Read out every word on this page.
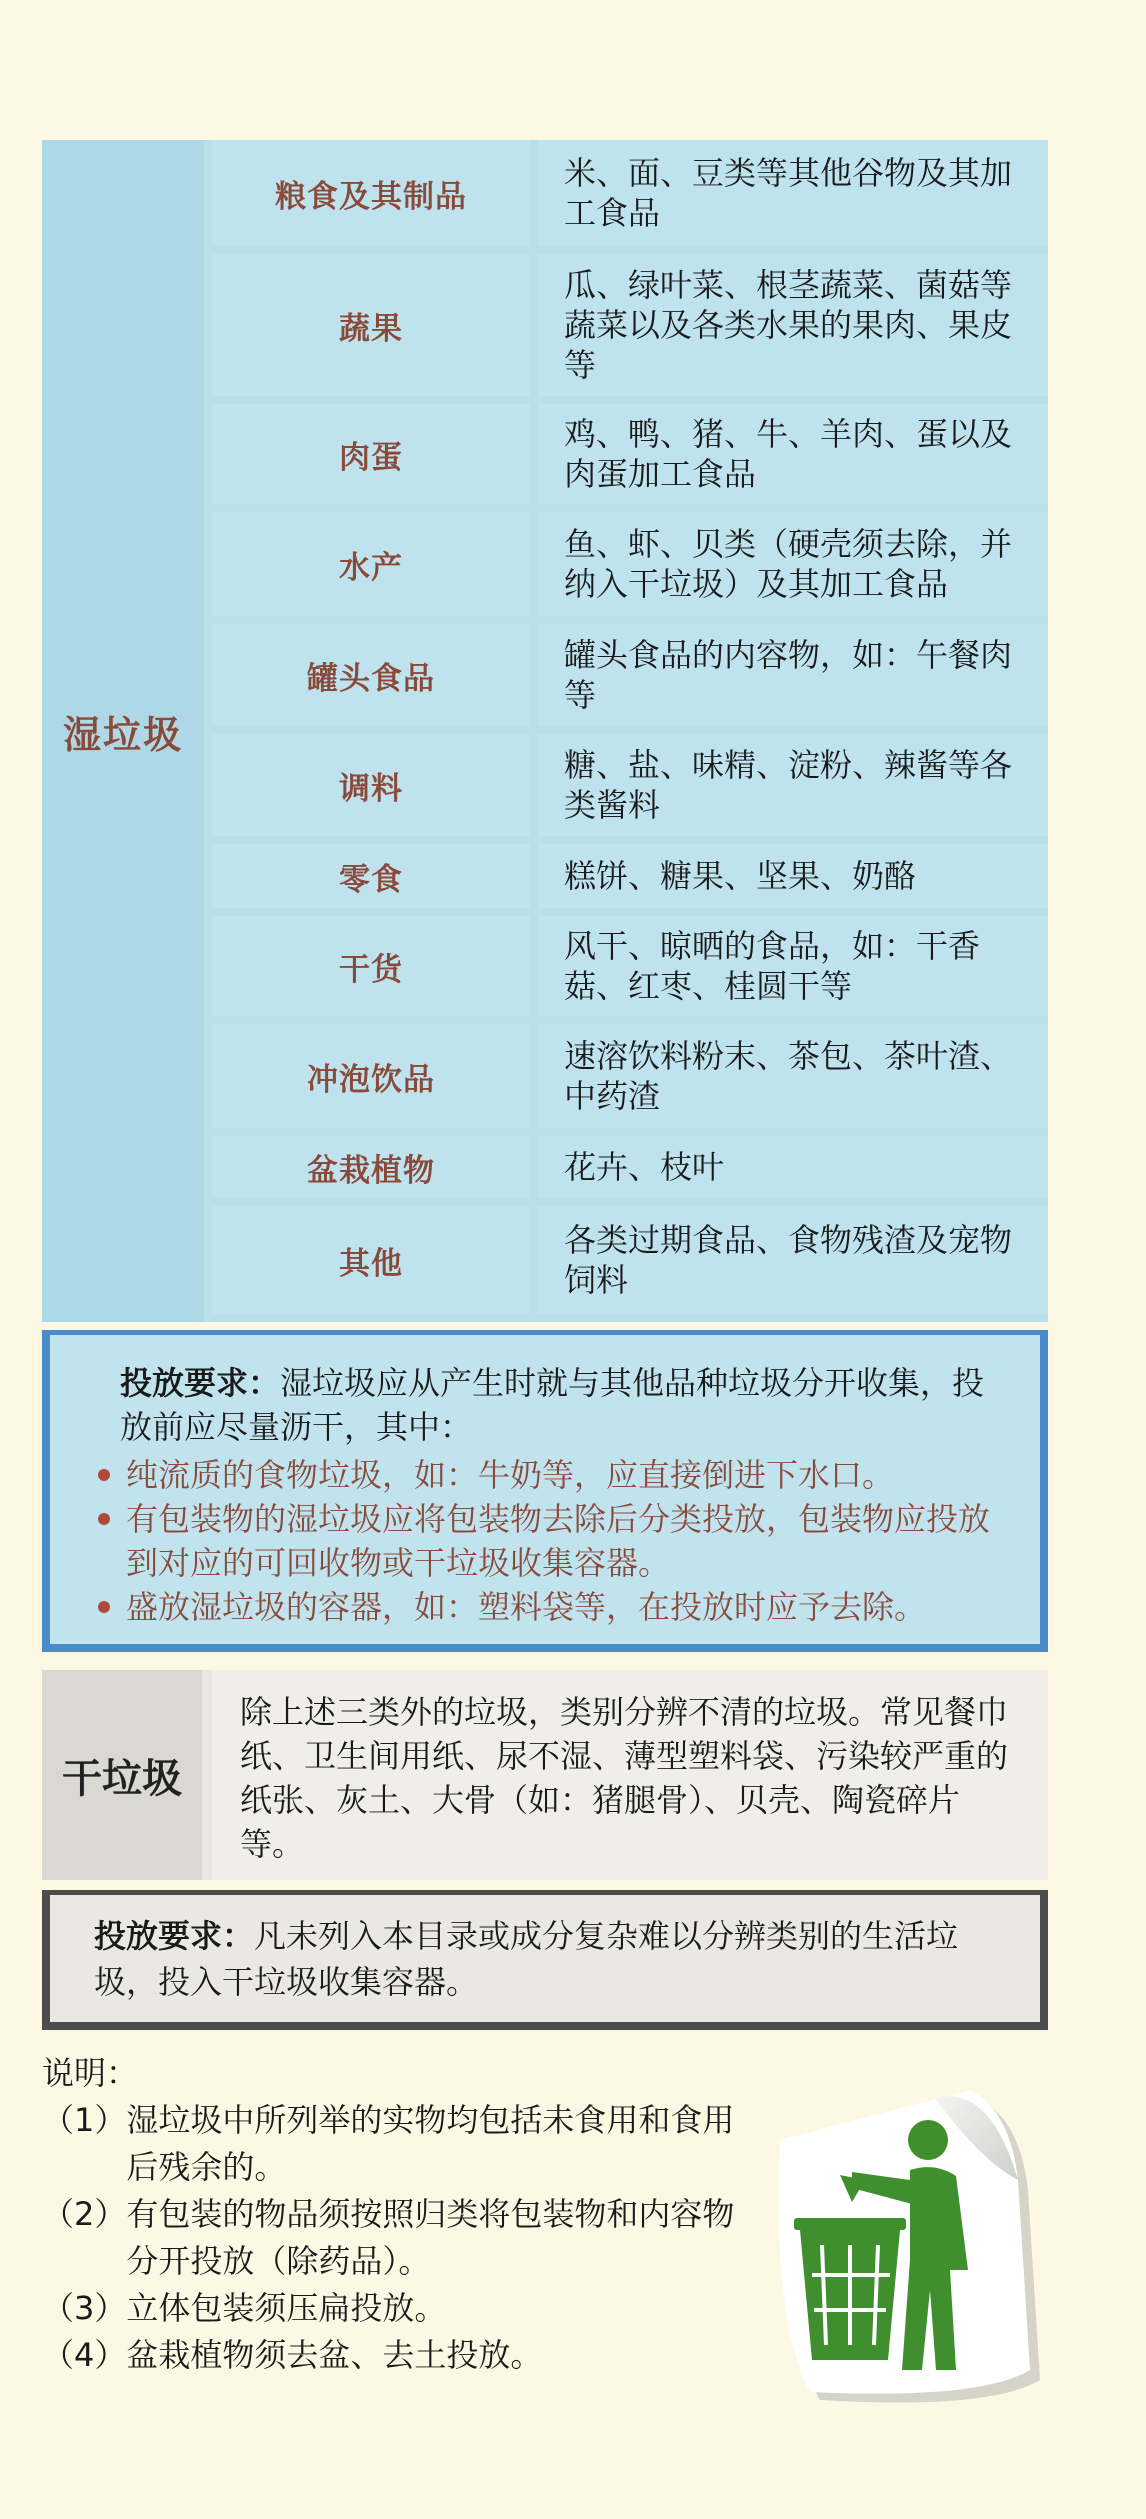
湿垃圾
粮食及其制品
米、面、豆类等其他谷物及其加工食品
蔬果
瓜、绿叶菜、根茎蔬菜、菌菇等蔬菜以及各类水果的果肉、果皮等
肉蛋
鸡、鸭、猪、牛、羊肉、蛋以及肉蛋加工食品
水产
鱼、虾、贝类（硬壳须去除，并纳入干垃圾）及其加工食品
罐头食品
罐头食品的内容物，如：午餐肉等
调料
糖、盐、味精、淀粉、辣酱等各类酱料
零食	糕饼、糖果、坚果、奶酪
干货
风干、晾晒的食品，如：干香菇、红枣、桂圆干等
冲泡饮品
速溶饮料粉末、茶包、茶叶渣、中药渣
盆栽植物	花卉、枝叶
其他
各类过期食品、食物残渣及宠物饲料
投放要求：湿垃圾应从产生时就与其他品种垃圾分开收集，投放前应尽量沥干，其中：
纯流质的食物垃圾，如：牛奶等，应直接倒进下水口。
有包装物的湿垃圾应将包装物去除后分类投放，包装物应投放到对应的可回收物或干垃圾收集容器。
盛放湿垃圾的容器，如：塑料袋等，在投放时应予去除。
干垃圾
除上述三类外的垃圾，类别分辨不清的垃圾。常见餐巾纸、卫生间用纸、尿不湿、薄型塑料袋、污染较严重的纸张、灰土、大骨（如：猪腿骨）、贝壳、陶瓷碎片等。
投放要求：凡未列入本目录或成分复杂难以分辨类别的生活垃圾，投入干垃圾收集容器。
说明：
（1） 湿垃圾中所列举的实物均包括未食用和食用后残余的。
（2） 有包装的物品须按照归类将包装物和内容物分开投放（除药品）。
（3） 立体包装须压扁投放。
（4） 盆栽植物须去盆、去土投放。
